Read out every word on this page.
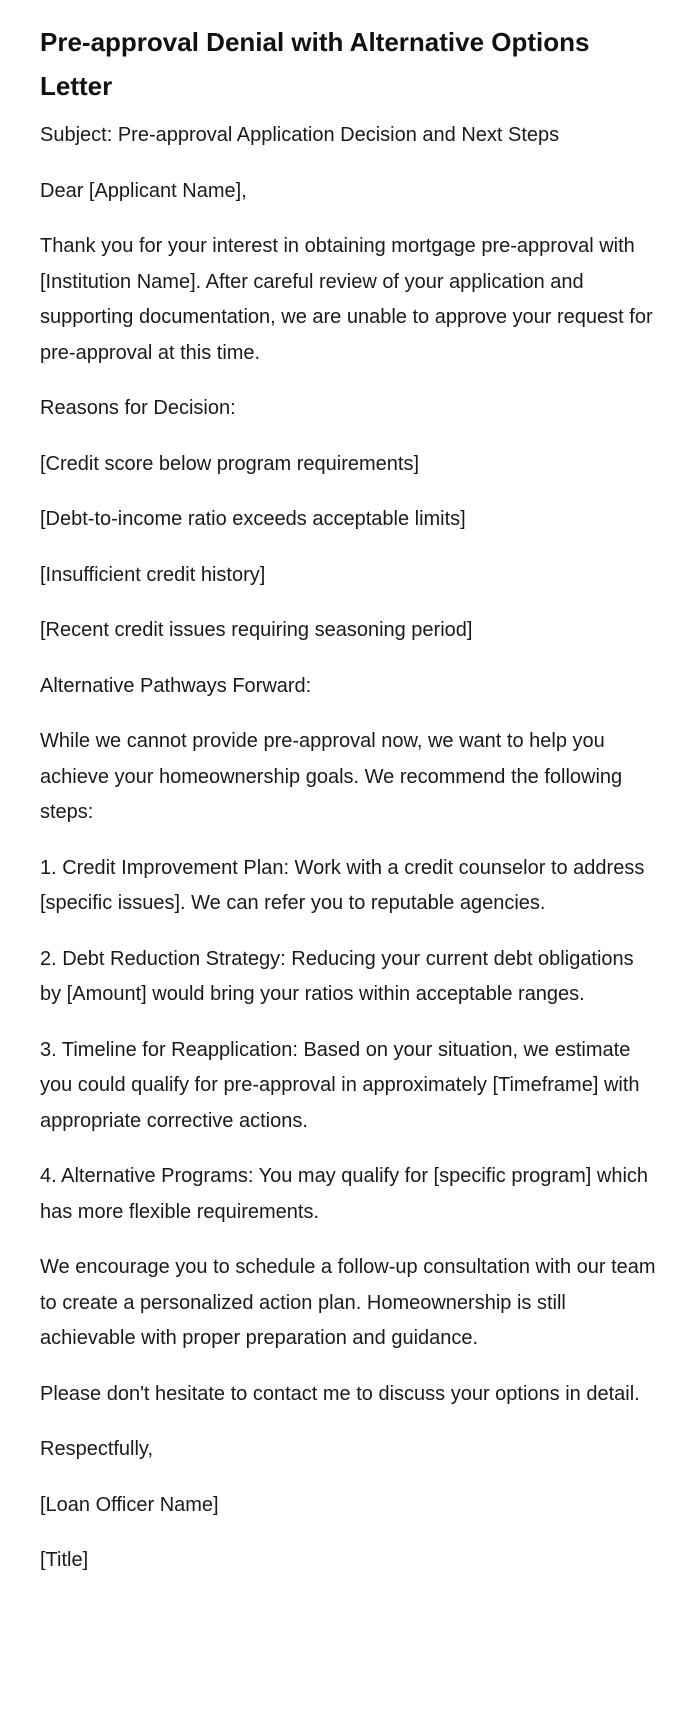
Pre-approval Denial with Alternative Options Letter

Subject: Pre-approval Application Decision and Next Steps

Dear [Applicant Name],

Thank you for your interest in obtaining mortgage pre-approval with [Institution Name]. After careful review of your application and supporting documentation, we are unable to approve your request for pre-approval at this time.

Reasons for Decision:

[Credit score below program requirements]

[Debt-to-income ratio exceeds acceptable limits]

[Insufficient credit history]

[Recent credit issues requiring seasoning period]

Alternative Pathways Forward:

While we cannot provide pre-approval now, we want to help you achieve your homeownership goals. We recommend the following steps:

1. Credit Improvement Plan: Work with a credit counselor to address [specific issues]. We can refer you to reputable agencies.

2. Debt Reduction Strategy: Reducing your current debt obligations by [Amount] would bring your ratios within acceptable ranges.

3. Timeline for Reapplication: Based on your situation, we estimate you could qualify for pre-approval in approximately [Timeframe] with appropriate corrective actions.

4. Alternative Programs: You may qualify for [specific program] which has more flexible requirements.

We encourage you to schedule a follow-up consultation with our team to create a personalized action plan. Homeownership is still achievable with proper preparation and guidance.

Please don't hesitate to contact me to discuss your options in detail.

Respectfully,

[Loan Officer Name]

[Title]
